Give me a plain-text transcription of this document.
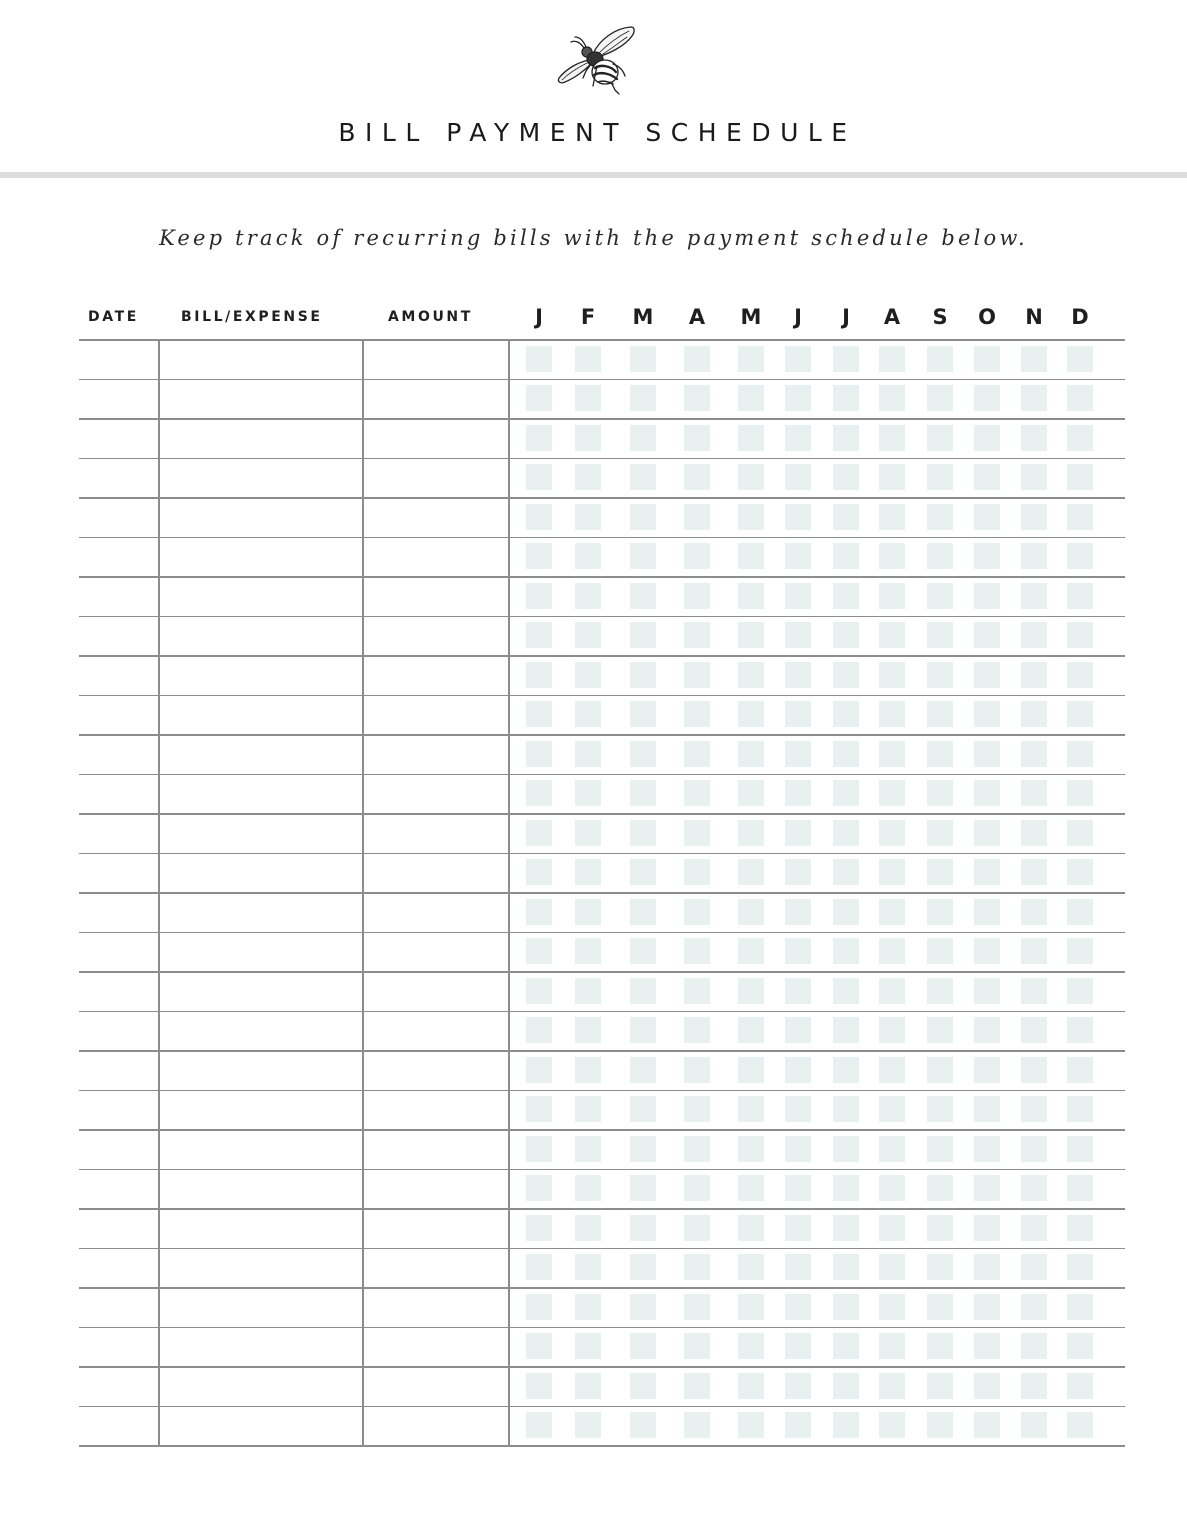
BILL PAYMENT SCHEDULE
Keep track of recurring bills with the payment schedule below.
DATE	BILL/EXPENSE	AMOUNT	J	F	M	A	M	J	J	A	S	O	N	D
